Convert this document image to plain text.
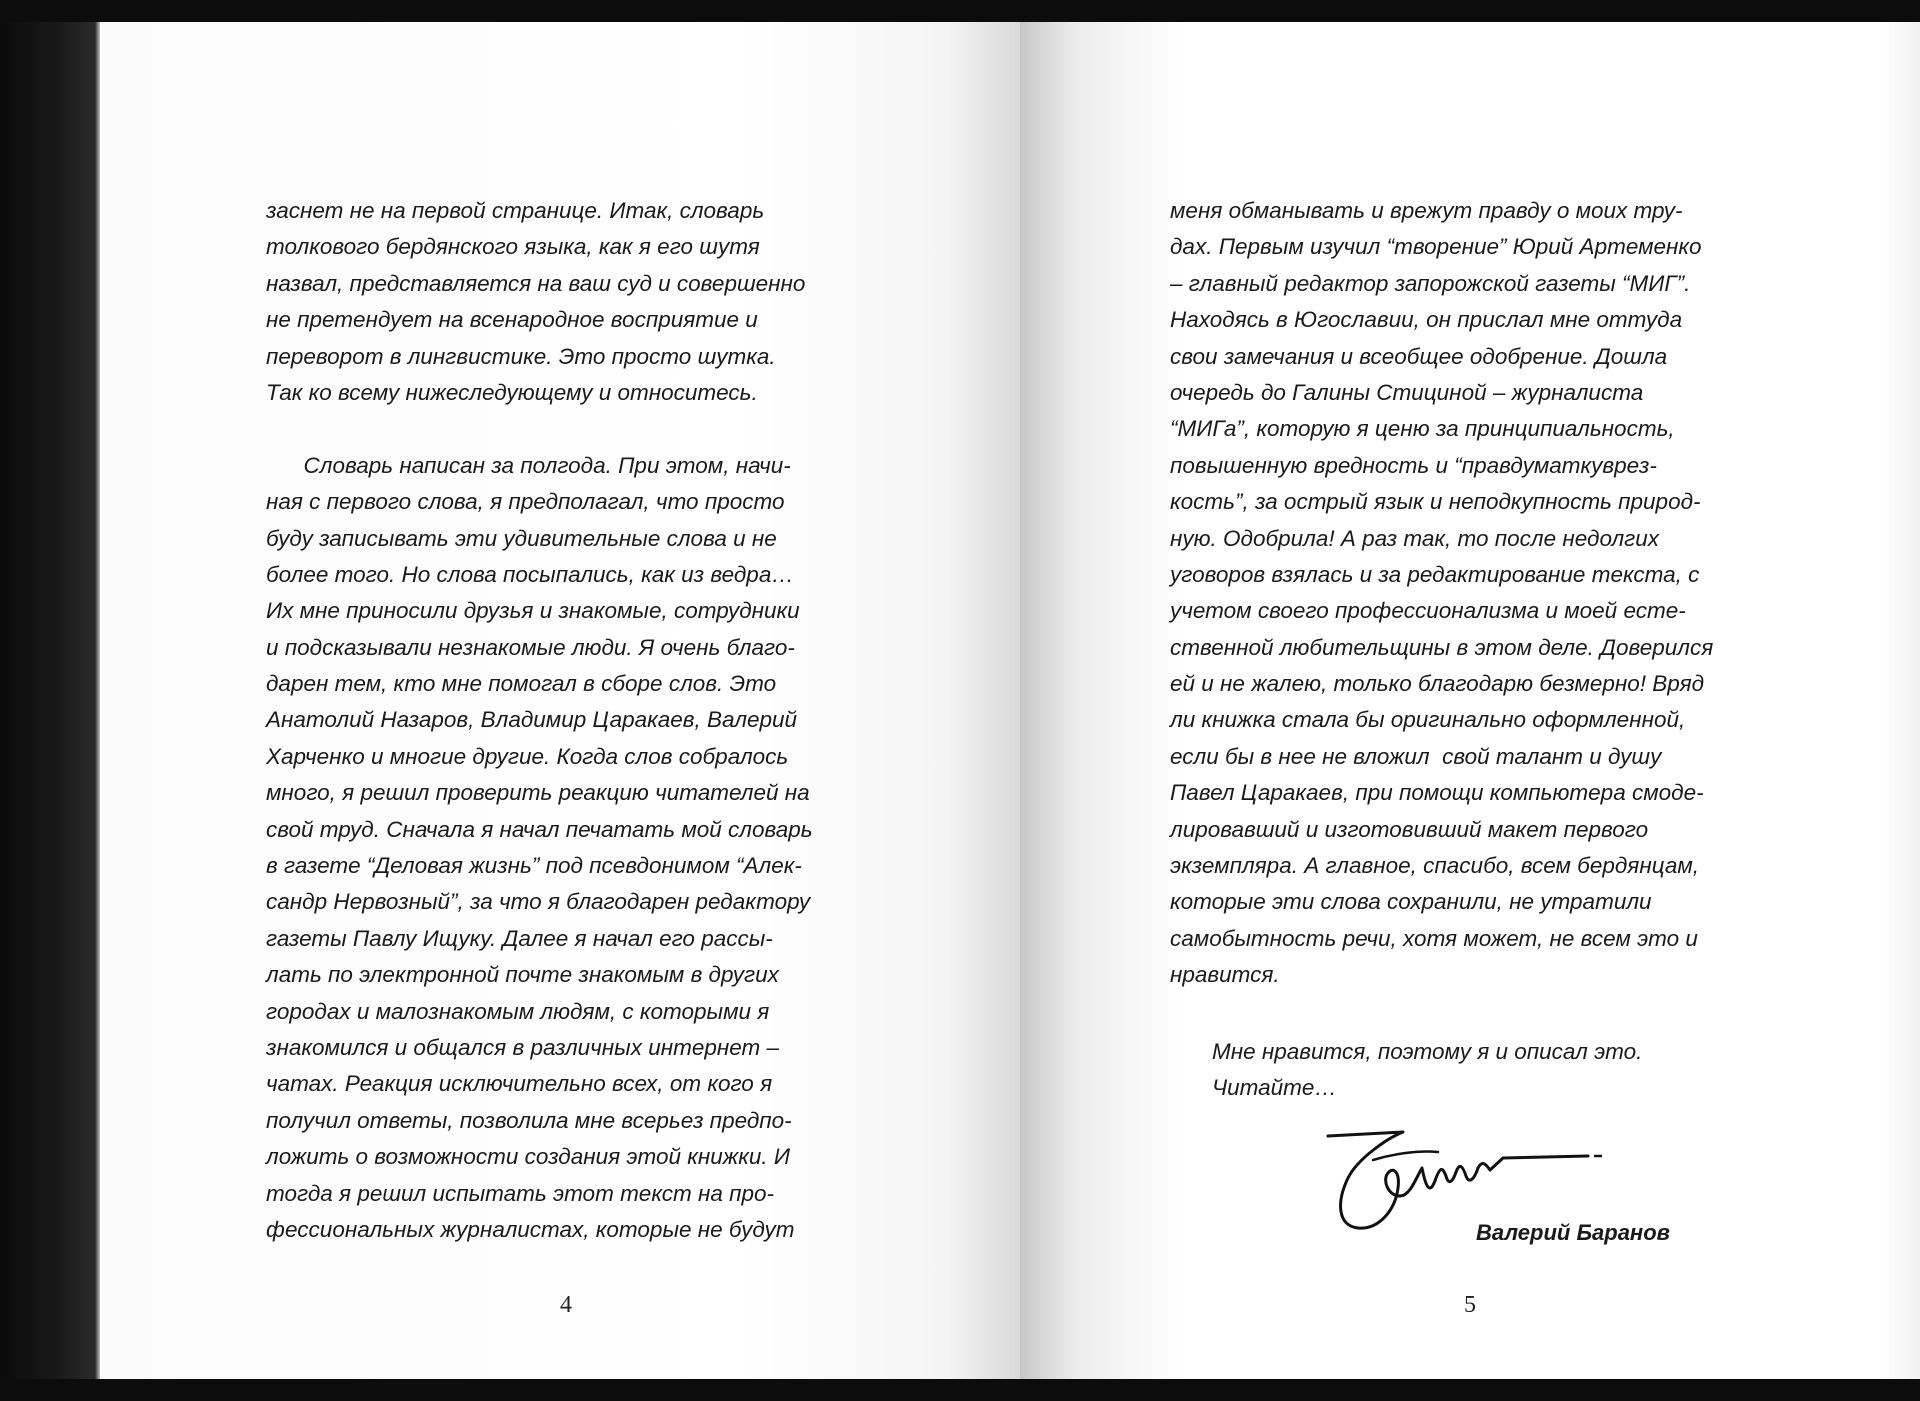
заснет не на первой странице. Итак, словарь
толкового бердянского языка, как я его шутя
назвал, представляется на ваш суд и совершенно
не претендует на всенародное восприятие и
переворот в лингвистике. Это просто шутка.
Так ко всему нижеследующему и относитесь.
Словарь написан за полгода. При этом, начи-
ная с первого слова, я предполагал, что просто
буду записывать эти удивительные слова и не
более того. Но слова посыпались, как из ведра…
Их мне приносили друзья и знакомые, сотрудники
и подсказывали незнакомые люди. Я очень благо-
дарен тем, кто мне помогал в сборе слов. Это
Анатолий Назаров, Владимир Царакаев, Валерий
Харченко и многие другие. Когда слов собралось
много, я решил проверить реакцию читателей на
свой труд. Сначала я начал печатать мой словарь
в газете “Деловая жизнь” под псевдонимом “Алек-
сандр Нервозный”, за что я благодарен редактору
газеты Павлу Ищуку. Далее я начал его рассы-
лать по электронной почте знакомым в других
городах и малознакомым людям, с которыми я
знакомился и общался в различных интернет –
чатах. Реакция исключительно всех, от кого я
получил ответы, позволила мне всерьез предпо-
ложить о возможности создания этой книжки. И
тогда я решил испытать этот текст на про-
фессиональных журналистах, которые не будут
меня обманывать и врежут правду о моих тру-
дах. Первым изучил “творение” Юрий Артеменко
– главный редактор запорожской газеты “МИГ”.
Находясь в Югославии, он прислал мне оттуда
свои замечания и всеобщее одобрение. Дошла
очередь до Галины Стициной – журналиста
“МИГа”, которую я ценю за принципиальность,
повышенную вредность и “правдуматкуврез-
кость”, за острый язык и неподкупность природ-
ную. Одобрила! А раз так, то после недолгих
уговоров взялась и за редактирование текста, с
учетом своего профессионализма и моей есте-
ственной любительщины в этом деле. Доверился
ей и не жалею, только благодарю безмерно! Вряд
ли книжка стала бы оригинально оформленной,
если бы в нее не вложил  свой талант и душу
Павел Царакаев, при помощи компьютера смоде-
лировавший и изготовивший макет первого
экземпляра. А главное, спасибо, всем бердянцам,
которые эти слова сохранили, не утратили
самобытность речи, хотя может, не всем это и
нравится.
Мне нравится, поэтому я и описал это.
Читайте…
Валерий Баранов
4	5
